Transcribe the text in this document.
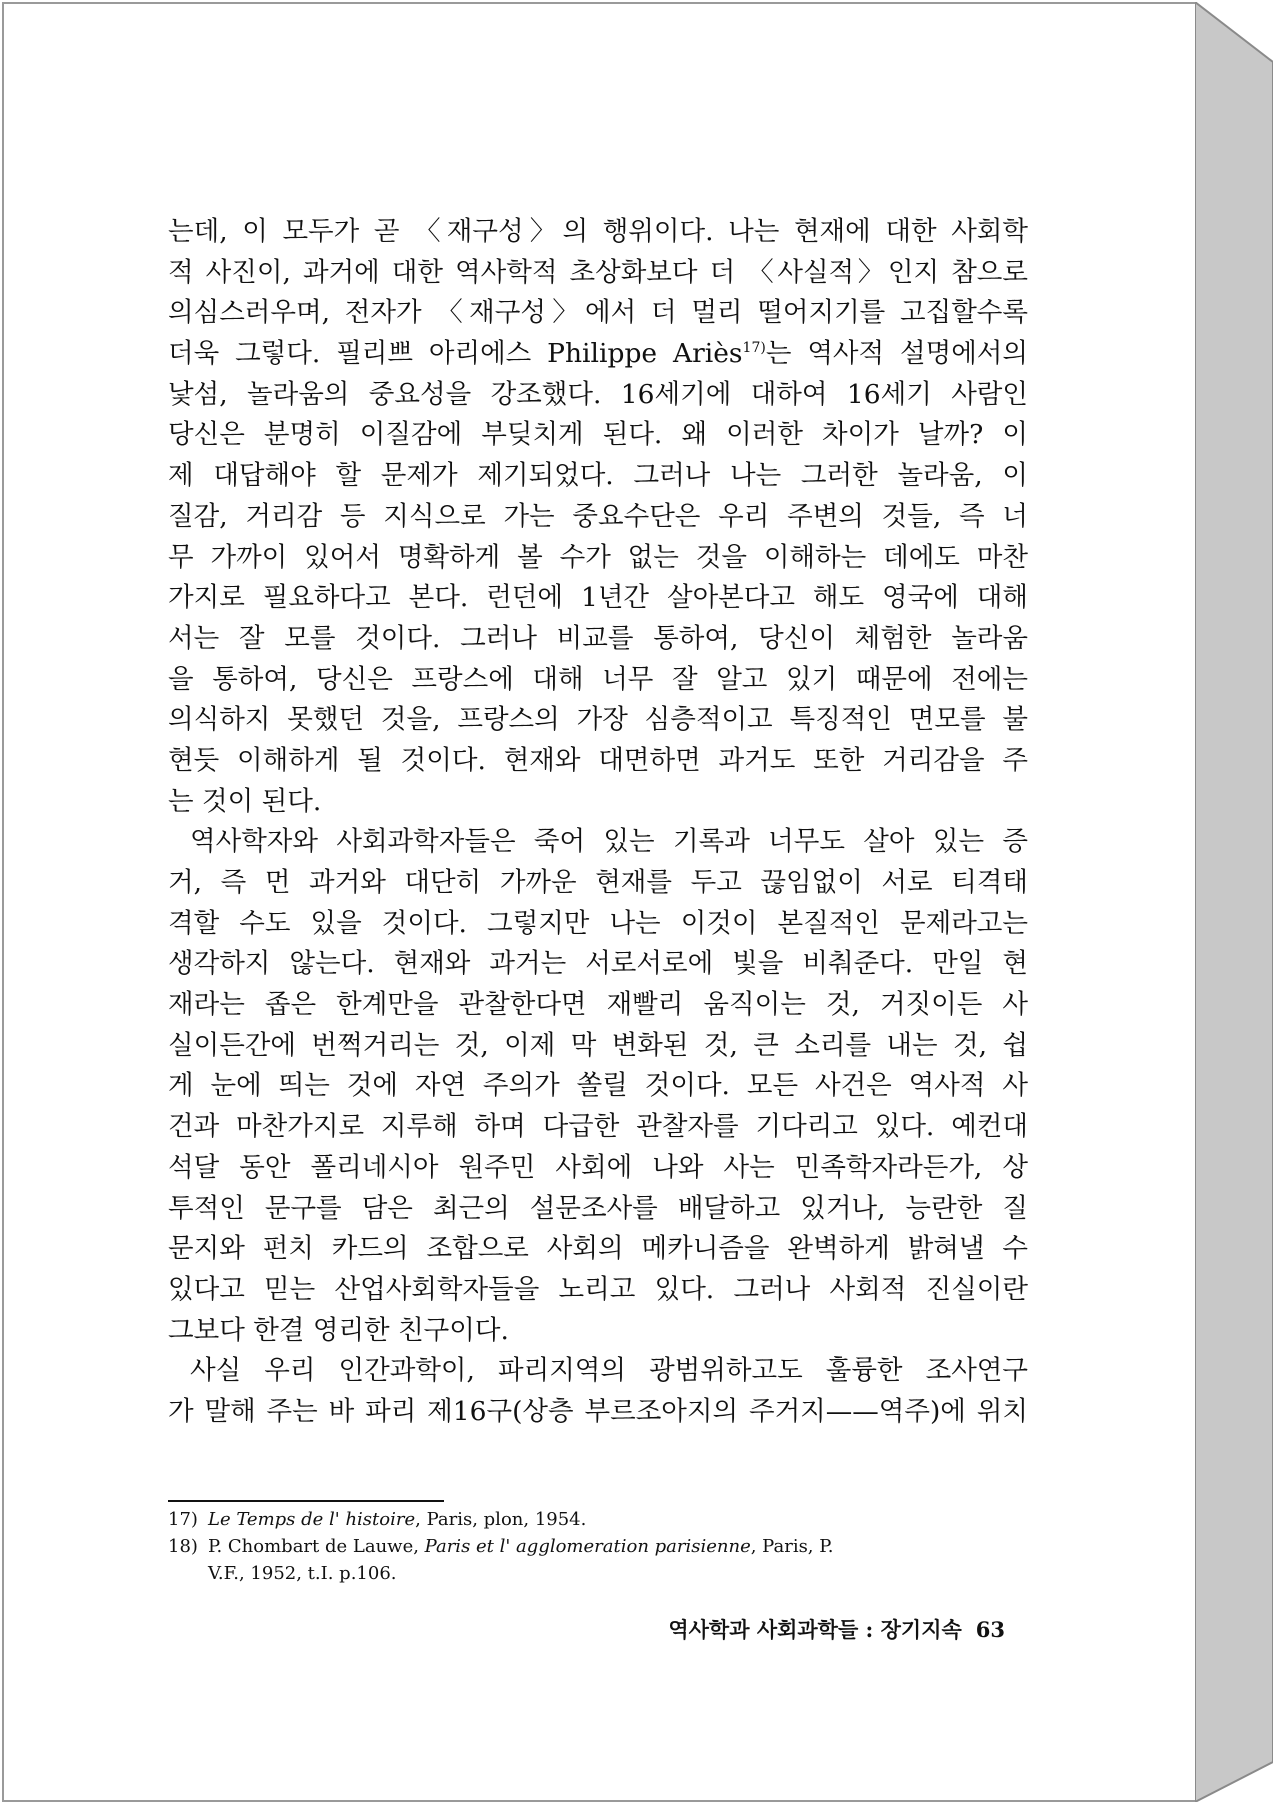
는데, 이 모두가 곧 〈재구성〉의 행위이다. 나는 현재에 대한 사회학
적 사진이, 과거에 대한 역사학적 초상화보다 더 〈사실적〉인지 참으로
의심스러우며, 전자가 〈재구성〉에서 더 멀리 떨어지기를 고집할수록
더욱 그렇다. 필리쁘 아리에스 Philippe Ariès$^{17)}$는 역사적 설명에서의
낯섬, 놀라움의 중요성을 강조했다. 16세기에 대하여 16세기 사람인
당신은 분명히 이질감에 부딪치게 된다. 왜 이러한 차이가 날까? 이
제 대답해야 할 문제가 제기되었다. 그러나 나는 그러한 놀라움, 이
질감, 거리감 등 지식으로 가는 중요수단은 우리 주변의 것들, 즉 너
무 가까이 있어서 명확하게 볼 수가 없는 것을 이해하는 데에도 마찬
가지로 필요하다고 본다. 런던에 1년간 살아본다고 해도 영국에 대해
서는 잘 모를 것이다. 그러나 비교를 통하여, 당신이 체험한 놀라움
을 통하여, 당신은 프랑스에 대해 너무 잘 알고 있기 때문에 전에는
의식하지 못했던 것을, 프랑스의 가장 심층적이고 특징적인 면모를 불
현듯 이해하게 될 것이다. 현재와 대면하면 과거도 또한 거리감을 주
는 것이 된다.
역사학자와 사회과학자들은 죽어 있는 기록과 너무도 살아 있는 증
거, 즉 먼 과거와 대단히 가까운 현재를 두고 끊임없이 서로 티격태
격할 수도 있을 것이다. 그렇지만 나는 이것이 본질적인 문제라고는
생각하지 않는다. 현재와 과거는 서로서로에 빛을 비춰준다. 만일 현
재라는 좁은 한계만을 관찰한다면 재빨리 움직이는 것, 거짓이든 사
실이든간에 번쩍거리는 것, 이제 막 변화된 것, 큰 소리를 내는 것, 쉽
게 눈에 띄는 것에 자연 주의가 쏠릴 것이다. 모든 사건은 역사적 사
건과 마찬가지로 지루해 하며 다급한 관찰자를 기다리고 있다. 예컨대
석달 동안 폴리네시아 원주민 사회에 나와 사는 민족학자라든가, 상
투적인 문구를 담은 최근의 설문조사를 배달하고 있거나, 능란한 질
문지와 펀치 카드의 조합으로 사회의 메카니즘을 완벽하게 밝혀낼 수
있다고 믿는 산업사회학자들을 노리고 있다. 그러나 사회적 진실이란
그보다 한결 영리한 친구이다.
사실 우리 인간과학이, 파리지역의 광범위하고도 훌륭한 조사연구
가 말해 주는 바 파리 제16구(상층 부르조아지의 주거지——역주)에 위치
17) Le Temps de l' histoire, Paris, plon, 1954.
18) P. Chombart de Lauwe, Paris et l' agglomeration parisienne, Paris, P.
V.F., 1952, t.I. p.106.
역사학과 사회과학들 : 장기지속 63
